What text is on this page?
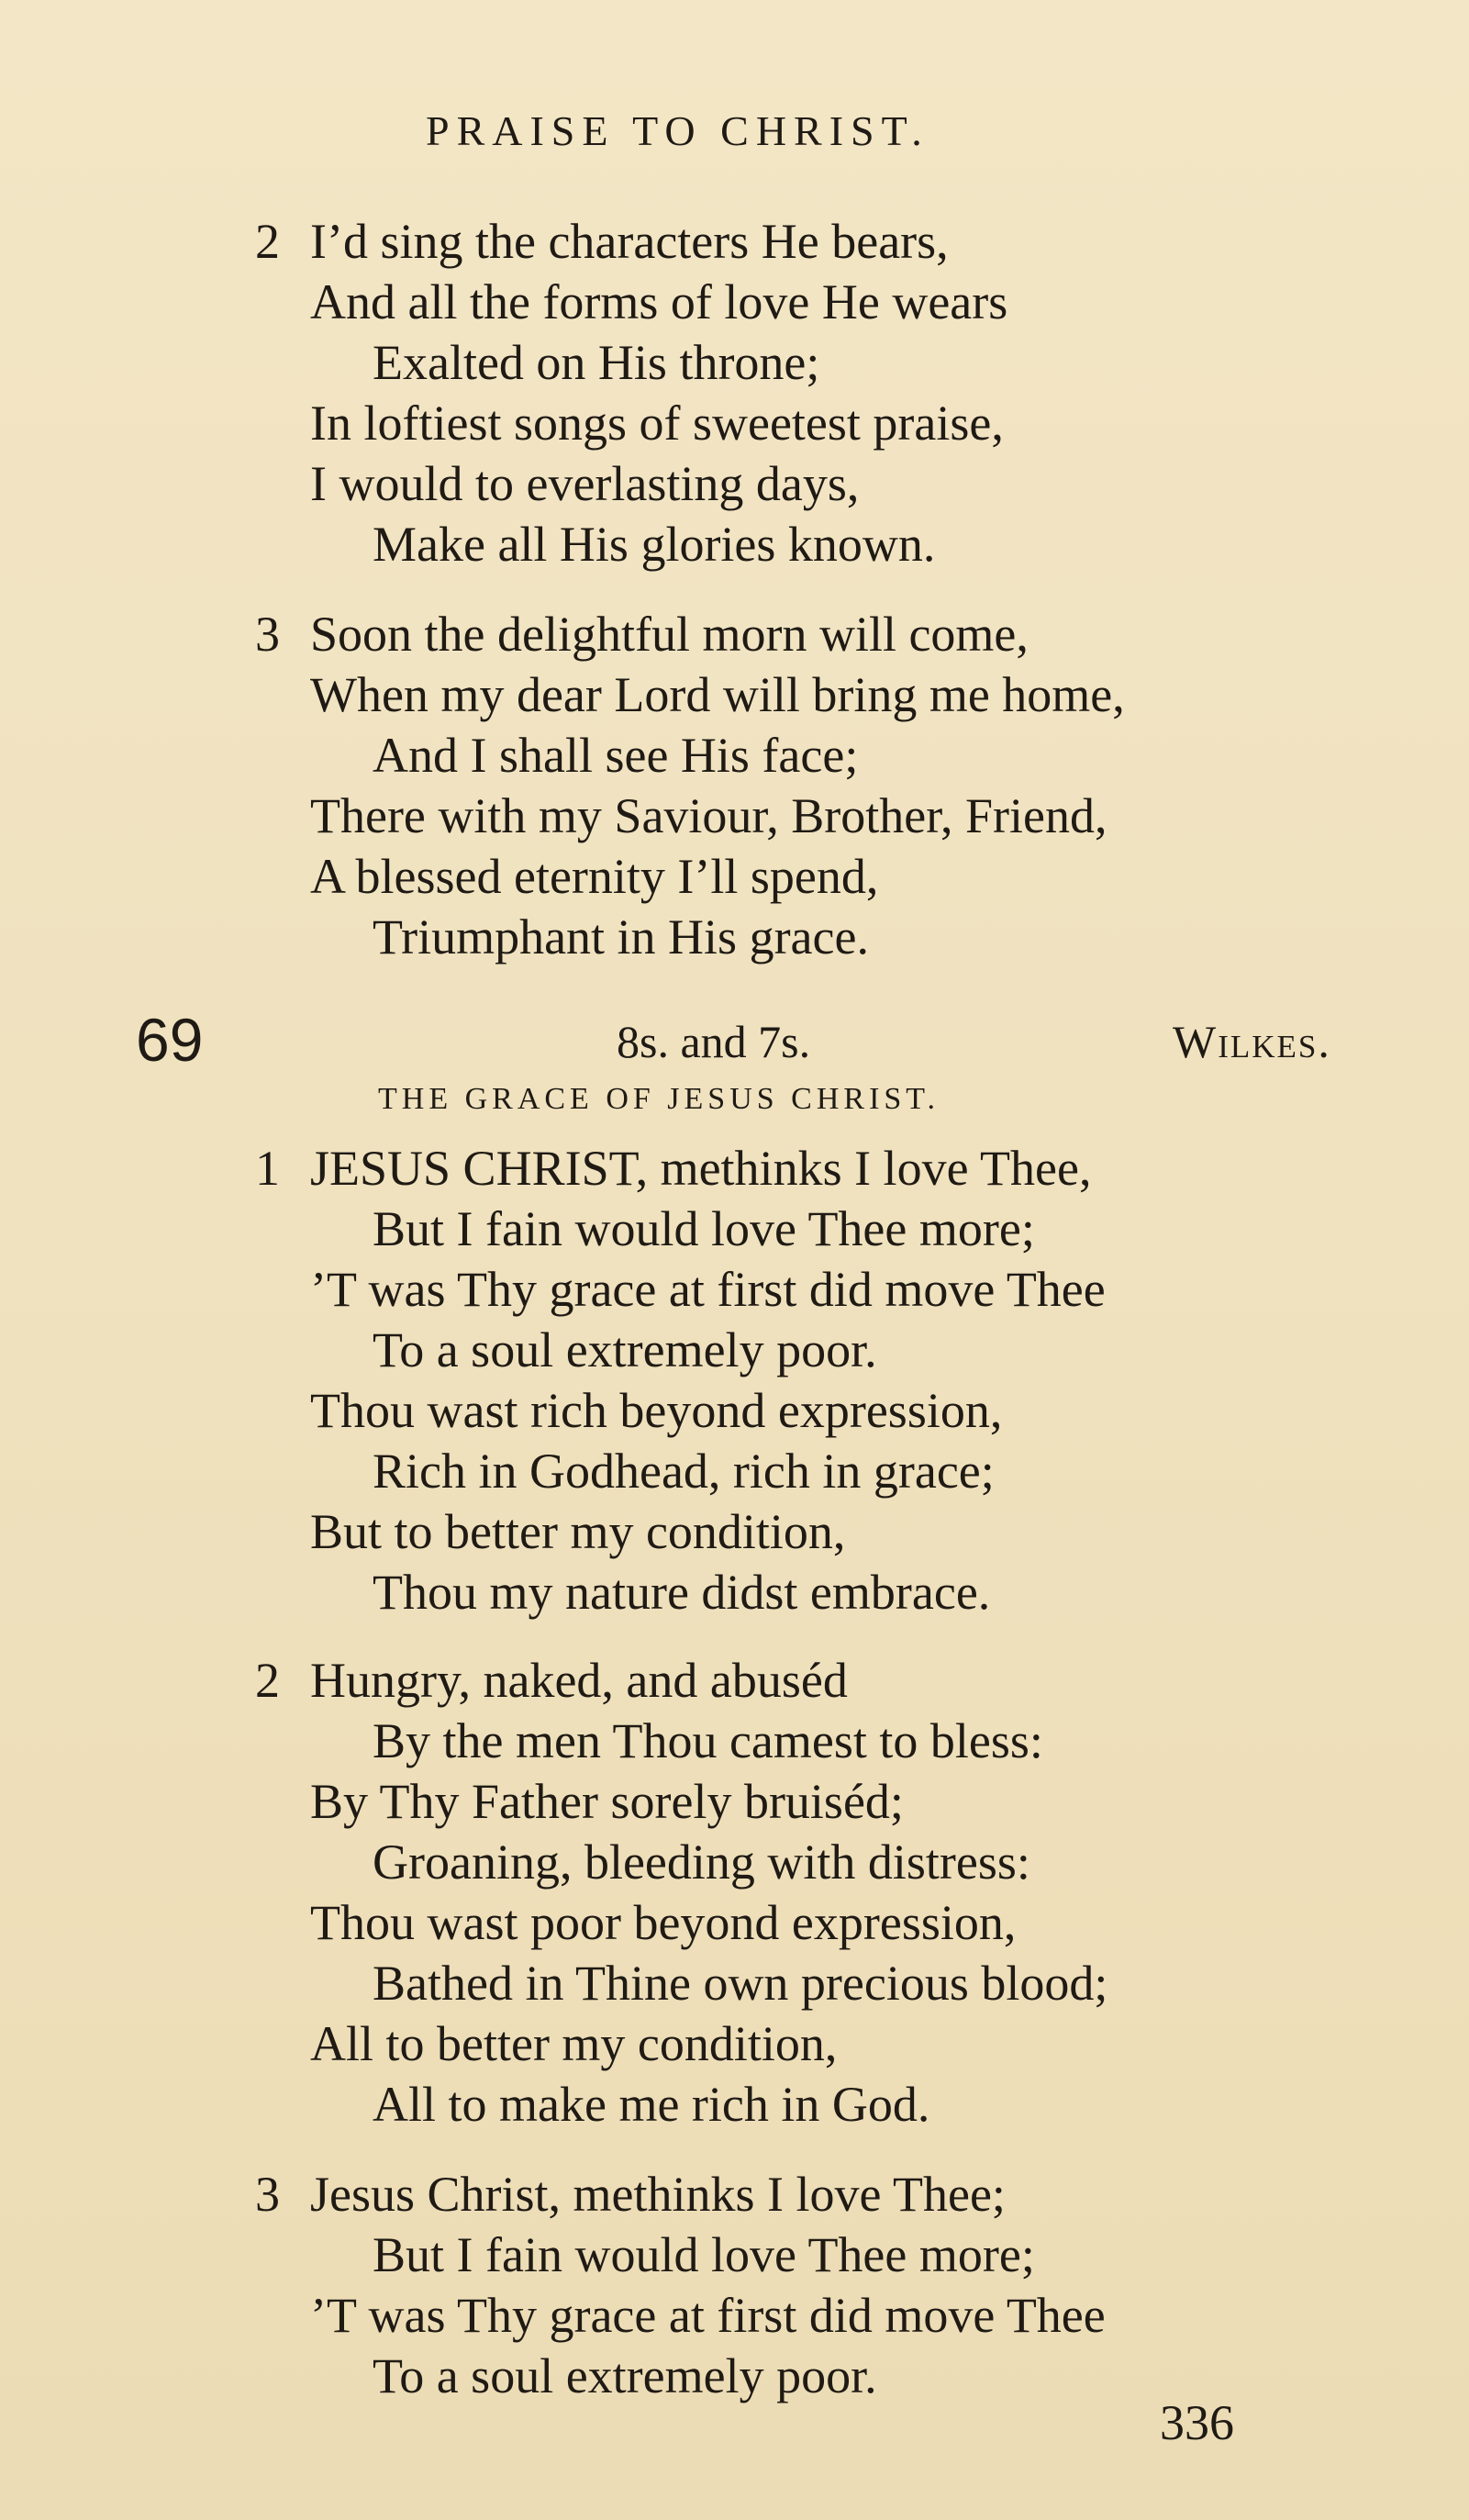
PRAISE TO CHRIST.
2 I’d sing the characters He bears,
And all the forms of love He wears
Exalted on His throne;
In loftiest songs of sweetest praise,
I would to everlasting days,
Make all His glories known.
3 Soon the delightful morn will come,
When my dear Lord will bring me home,
And I shall see His face;
There with my Saviour, Brother, Friend,
A blessed eternity I’ll spend,
Triumphant in His grace.
69	8s. and 7s.	Wilkes.
THE GRACE OF JESUS CHRIST.
1 JESUS CHRIST, methinks I love Thee,
But I fain would love Thee more;
’T was Thy grace at first did move Thee
To a soul extremely poor.
Thou wast rich beyond expression,
Rich in Godhead, rich in grace;
But to better my condition,
Thou my nature didst embrace.
2 Hungry, naked, and abuséd
By the men Thou camest to bless:
By Thy Father sorely bruiséd;
Groaning, bleeding with distress:
Thou wast poor beyond expression,
Bathed in Thine own precious blood;
All to better my condition,
All to make me rich in God.
3 Jesus Christ, methinks I love Thee;
But I fain would love Thee more;
’T was Thy grace at first did move Thee
To a soul extremely poor.
336
